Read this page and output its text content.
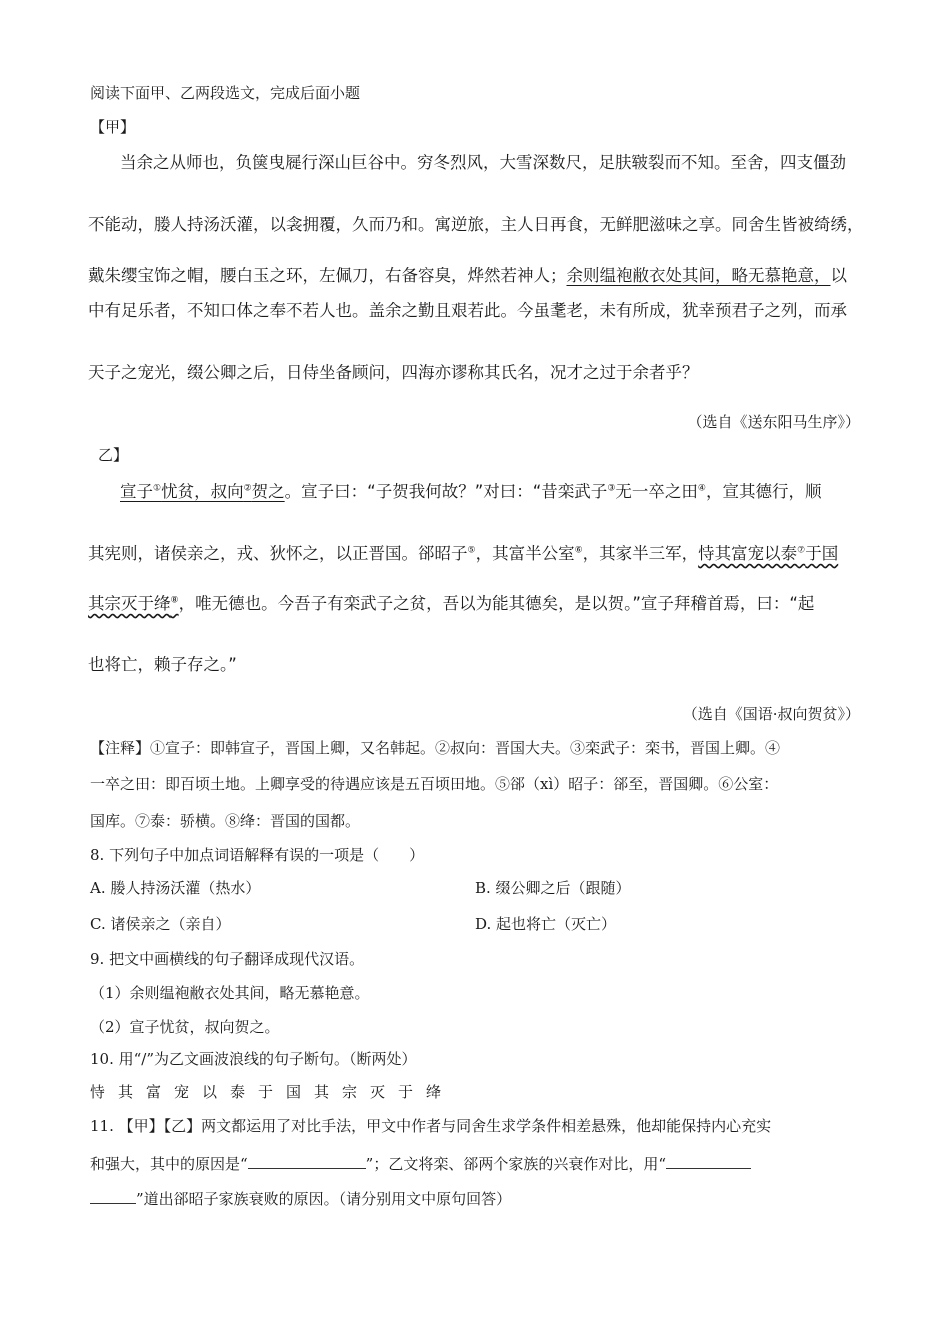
阅读下面甲、乙两段选文，完成后面小题
【甲】
当余之从师也，负箧曳屣行深山巨谷中。穷冬烈风，大雪深数尺，足肤皲裂而不知。至舍，四支僵劲
不能动，媵人持汤沃灌，以衾拥覆，久而乃和。寓逆旅，主人日再食，无鲜肥滋味之享。同舍生皆被绮绣，
戴朱缨宝饰之帽，腰白玉之环，左佩刀，右备容臭，烨然若神人；余则缊袍敝衣处其间，略无慕艳意，以
中有足乐者，不知口体之奉不若人也。盖余之勤且艰若此。今虽耄老，未有所成，犹幸预君子之列，而承
天子之宠光，缀公卿之后，日侍坐备顾问，四海亦谬称其氏名，况才之过于余者乎？
（选自《送东阳马生序》）
乙】
宣子①忧贫，叔向②贺之。宣子曰：“子贺我何故？”对曰：“昔栾武子③无一卒之田④，宣其德行，顺
其宪则，诸侯亲之，戎、狄怀之，以正晋国。郤昭子⑤，其富半公室⑥，其家半三军，恃其富宠以泰⑦于国
其宗灭于绛⑧，唯无德也。今吾子有栾武子之贫，吾以为能其德矣，是以贺。”宣子拜稽首焉，曰：“起
也将亡，赖子存之。”
（选自《国语·叔向贺贫》）
【注释】①宣子：即韩宣子，晋国上卿，又名韩起。②叔向：晋国大夫。③栾武子：栾书，晋国上卿。④
一卒之田：即百顷土地。上卿享受的待遇应该是五百顷田地。⑤郤（xì）昭子：郤至，晋国卿。⑥公室：
国库。⑦泰：骄横。⑧绛：晋国的国都。
8. 下列句子中加点词语解释有误的一项是（　　）
A. 媵人持汤沃灌（热水）	B. 缀公卿之后（跟随）
C. 诸侯亲之（亲自）	D. 起也将亡（灭亡）
9. 把文中画横线的句子翻译成现代汉语。
（1）余则缊袍敝衣处其间，略无慕艳意。
（2）宣子忧贫，叔向贺之。
10. 用“/”为乙文画波浪线的句子断句。（断两处）
恃其富宠以泰于国其宗灭于绛
11. 【甲】【乙】两文都运用了对比手法，甲文中作者与同舍生求学条件相差悬殊，他却能保持内心充实
和强大，其中的原因是“	”；乙文将栾、郤两个家族的兴衰作对比，用“
”道出郤昭子家族衰败的原因。（请分别用文中原句回答）
